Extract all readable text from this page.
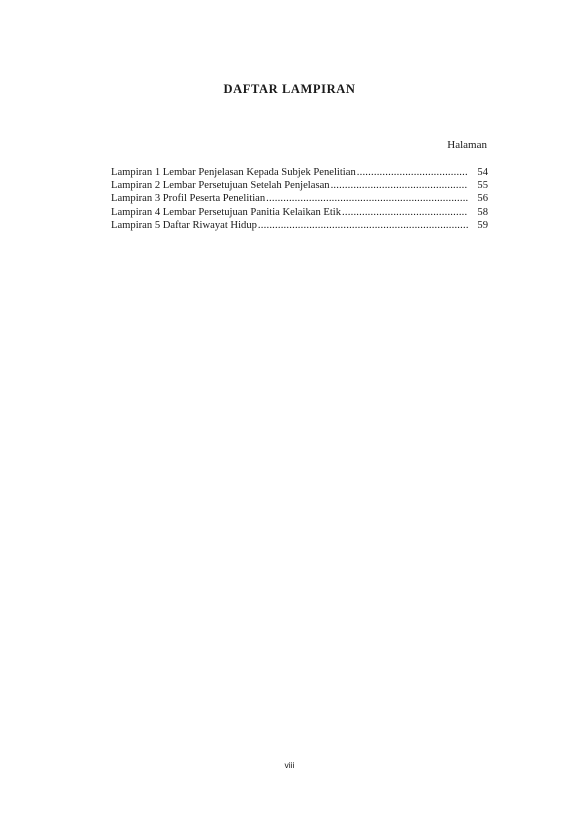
DAFTAR LAMPIRAN
Halaman
Lampiran 1 Lembar Penjelasan Kepada Subjek Penelitian .....	54
Lampiran 2 Lembar Persetujuan Setelah Penjelasan .....	55
Lampiran 3 Profil Peserta Penelitian .....	56
Lampiran 4 Lembar Persetujuan Panitia Kelaikan Etik .....	58
Lampiran 5 Daftar Riwayat Hidup .....	59
viii
